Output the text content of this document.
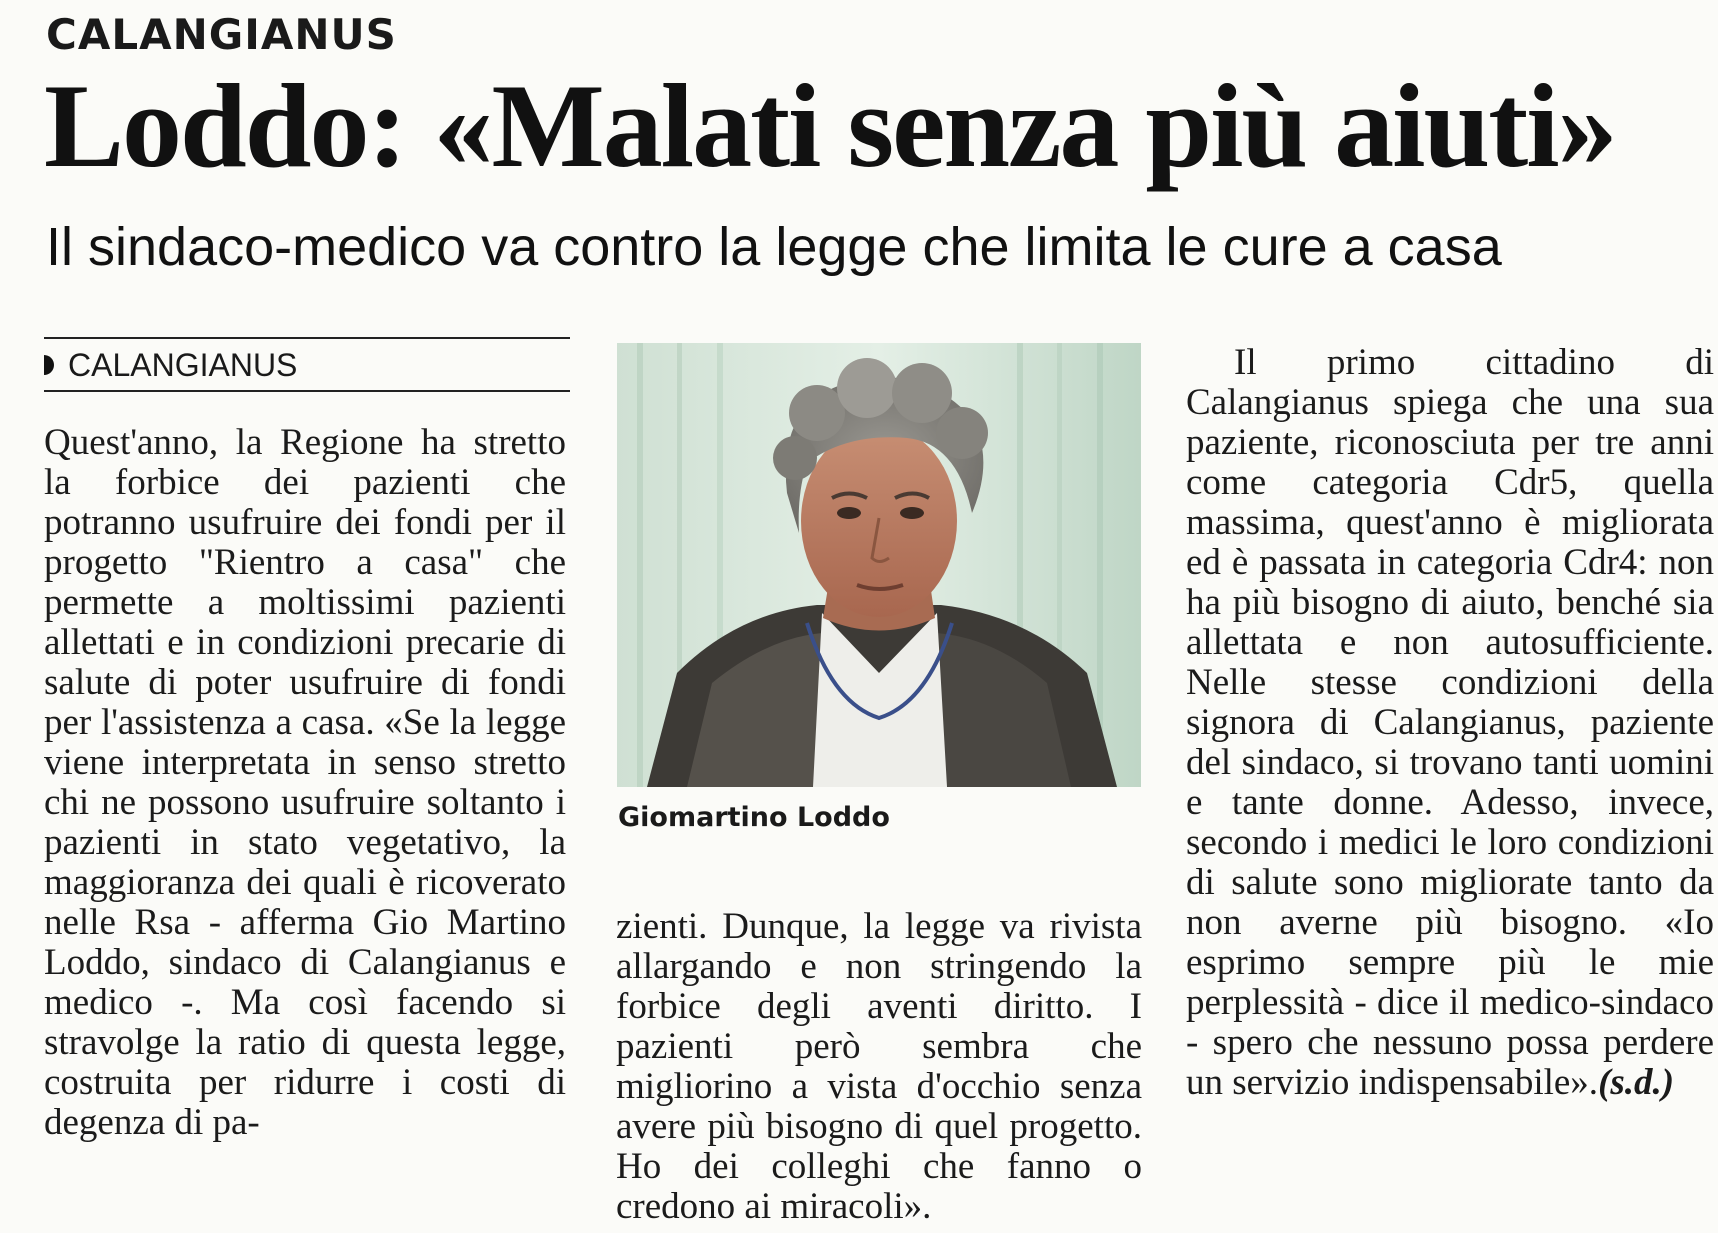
CALANGIANUS
Loddo: «Malati senza più aiuti»
Il sindaco-medico va contro la legge che limita le cure a casa
CALANGIANUS

Quest'anno, la Regione ha stretto la forbice dei pazienti che potranno usufruire dei fondi per il progetto "Rientro a casa" che permette a moltissimi pazienti allettati e in condizioni precarie di salute di poter usufruire di fondi per l'assistenza a casa. «Se la legge viene interpretata in senso stretto chi ne possono usufruire soltanto i pazienti in stato vegetativo, la maggioranza dei quali è ricoverato nelle Rsa - afferma Gio Martino Loddo, sindaco di Calangianus e medico -. Ma così facendo si stravolge la ratio di questa legge, costruita per ridurre i costi di degenza di pa-

Giomartino Loddo

zienti. Dunque, la legge va rivista allargando e non stringendo la forbice degli aventi diritto. I pazienti però sembra che migliorino a vista d'occhio senza avere più bisogno di quel progetto. Ho dei colleghi che fanno o credono ai miracoli».

Il primo cittadino di Calangianus spiega che una sua paziente, riconosciuta per tre anni come categoria Cdr5, quella massima, quest'anno è migliorata ed è passata in categoria Cdr4: non ha più bisogno di aiuto, benché sia allettata e non autosufficiente. Nelle stesse condizioni della signora di Calangianus, paziente del sindaco, si trovano tanti uomini e tante donne. Adesso, invece, secondo i medici le loro condizioni di salute sono migliorate tanto da non averne più bisogno. «Io esprimo sempre più le mie perplessità - dice il medico-sindaco - spero che nessuno possa perdere un servizio indispensabile».(s.d.)
